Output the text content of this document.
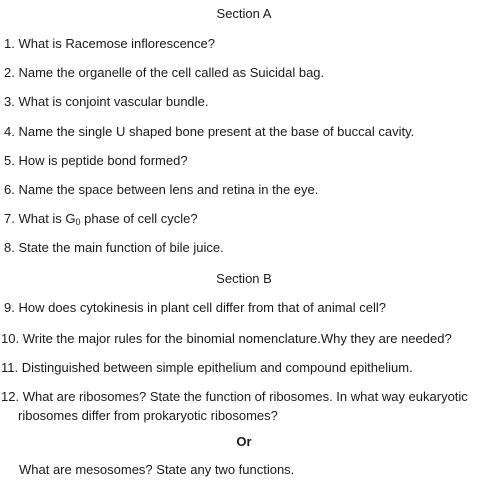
Section A
1. What is Racemose inflorescence?
2. Name the organelle of the cell called as Suicidal bag.
3. What is conjoint vascular bundle.
4. Name the single U shaped bone present at the base of buccal cavity.
5. How is peptide bond formed?
6. Name the space between lens and retina in the eye.
7. What is $G_0$ phase of cell cycle?
8. State the main function of bile juice.
Section B
9. How does cytokinesis in plant cell differ from that of animal cell?
10. Write the major rules for the binomial nomenclature.Why they are needed?
11. Distinguished between simple epithelium and compound epithelium.
12. What are ribosomes? State the function of ribosomes. In what way eukaryotic
ribosomes differ from prokaryotic ribosomes?
Or
What are mesosomes? State any two functions.
